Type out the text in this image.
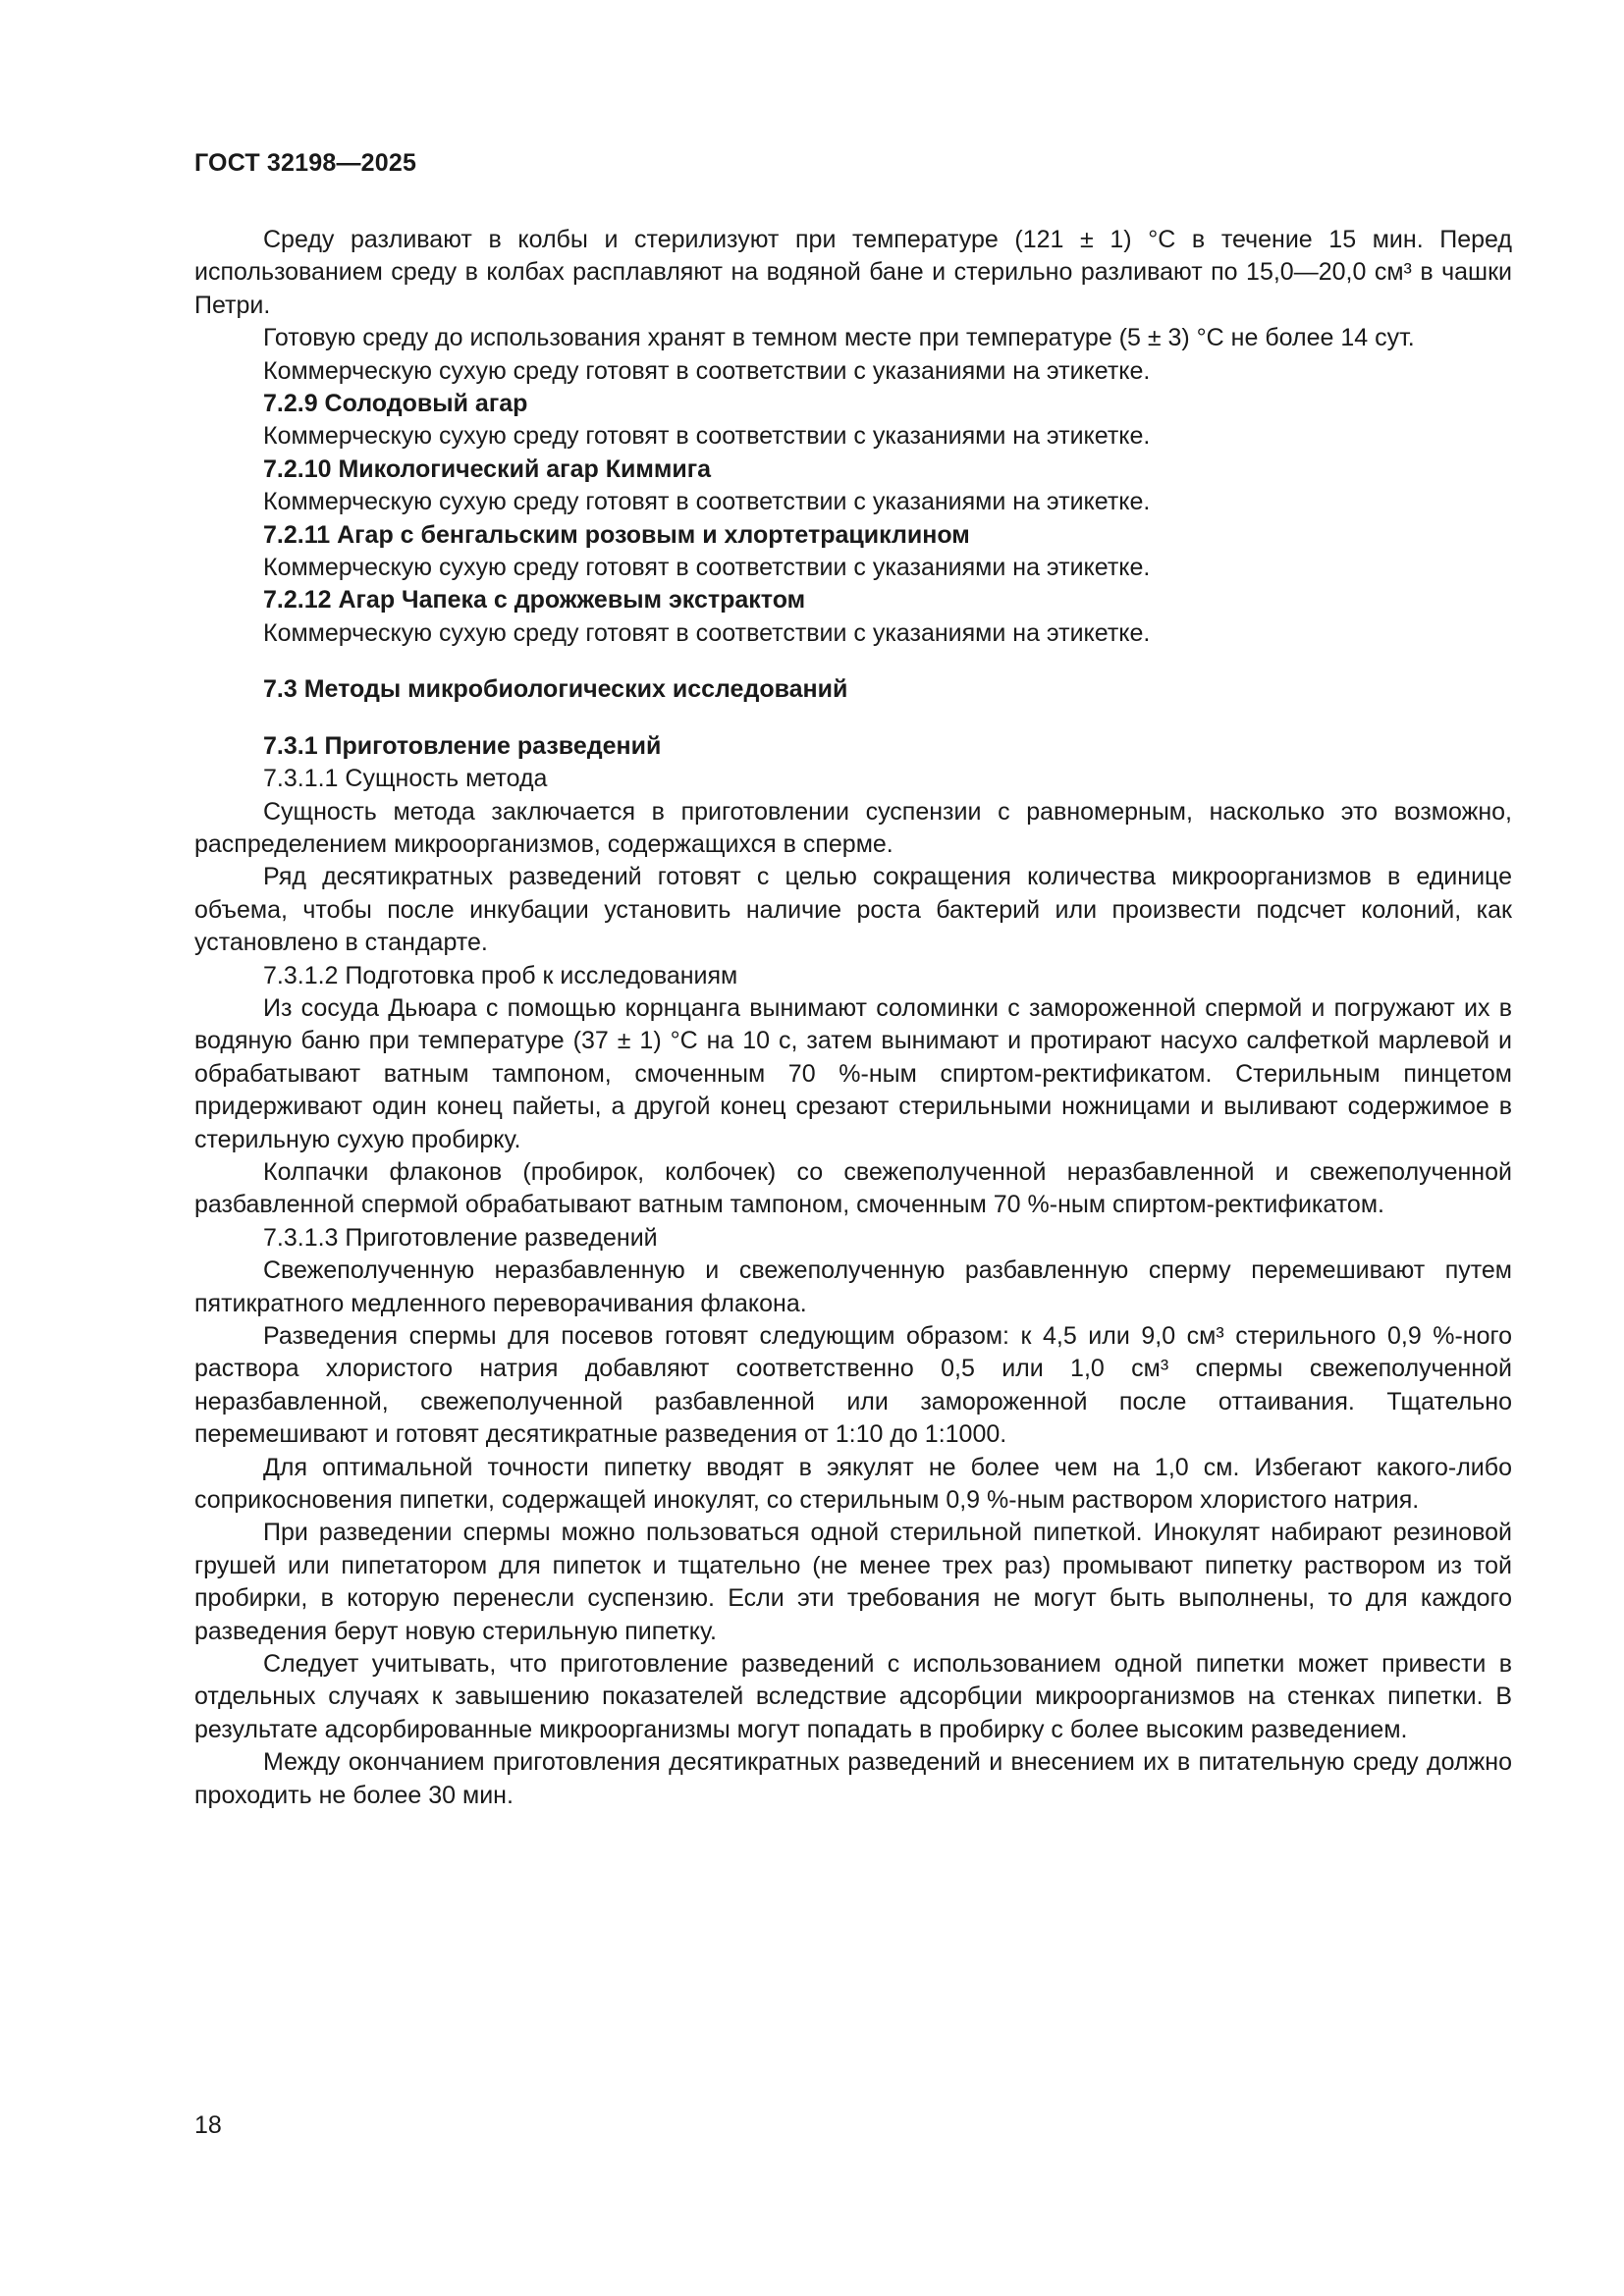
ГОСТ 32198—2025

Среду разливают в колбы и стерилизуют при температуре (121 ± 1) °С в течение 15 мин. Перед использованием среду в колбах расплавляют на водяной бане и стерильно разливают по 15,0—20,0 см³ в чашки Петри.

Готовую среду до использования хранят в темном месте при температуре (5 ± 3) °С не более 14 сут.

Коммерческую сухую среду готовят в соответствии с указаниями на этикетке.

7.2.9 Солодовый агар

Коммерческую сухую среду готовят в соответствии с указаниями на этикетке.

7.2.10 Микологический агар Киммига

Коммерческую сухую среду готовят в соответствии с указаниями на этикетке.

7.2.11 Агар с бенгальским розовым и хлортетрациклином

Коммерческую сухую среду готовят в соответствии с указаниями на этикетке.

7.2.12 Агар Чапека с дрожжевым экстрактом

Коммерческую сухую среду готовят в соответствии с указаниями на этикетке.

7.3 Методы микробиологических исследований

7.3.1 Приготовление разведений

7.3.1.1 Сущность метода

Сущность метода заключается в приготовлении суспензии с равномерным, насколько это возможно, распределением микроорганизмов, содержащихся в сперме.

Ряд десятикратных разведений готовят с целью сокращения количества микроорганизмов в единице объема, чтобы после инкубации установить наличие роста бактерий или произвести подсчет колоний, как установлено в стандарте.

7.3.1.2 Подготовка проб к исследованиям

Из сосуда Дьюара с помощью корнцанга вынимают соломинки с замороженной спермой и погружают их в водяную баню при температуре (37 ± 1) °С на 10 с, затем вынимают и протирают насухо салфеткой марлевой и обрабатывают ватным тампоном, смоченным 70 %-ным спиртом-ректификатом. Стерильным пинцетом придерживают один конец пайеты, а другой конец срезают стерильными ножницами и выливают содержимое в стерильную сухую пробирку.

Колпачки флаконов (пробирок, колбочек) со свежеполученной неразбавленной и свежеполученной разбавленной спермой обрабатывают ватным тампоном, смоченным 70 %-ным спиртом-ректификатом.

7.3.1.3 Приготовление разведений

Свежеполученную неразбавленную и свежеполученную разбавленную сперму перемешивают путем пятикратного медленного переворачивания флакона.

Разведения спермы для посевов готовят следующим образом: к 4,5 или 9,0 см³ стерильного 0,9 %-ного раствора хлористого натрия добавляют соответственно 0,5 или 1,0 см³ спермы свежеполученной неразбавленной, свежеполученной разбавленной или замороженной после оттаивания. Тщательно перемешивают и готовят десятикратные разведения от 1:10 до 1:1000.

Для оптимальной точности пипетку вводят в эякулят не более чем на 1,0 см. Избегают какого-либо соприкосновения пипетки, содержащей инокулят, со стерильным 0,9 %-ным раствором хлористого натрия.

При разведении спермы можно пользоваться одной стерильной пипеткой. Инокулят набирают резиновой грушей или пипетатором для пипеток и тщательно (не менее трех раз) промывают пипетку раствором из той пробирки, в которую перенесли суспензию. Если эти требования не могут быть выполнены, то для каждого разведения берут новую стерильную пипетку.

Следует учитывать, что приготовление разведений с использованием одной пипетки может привести в отдельных случаях к завышению показателей вследствие адсорбции микроорганизмов на стенках пипетки. В результате адсорбированные микроорганизмы могут попадать в пробирку с более высоким разведением.

Между окончанием приготовления десятикратных разведений и внесением их в питательную среду должно проходить не более 30 мин.

18
